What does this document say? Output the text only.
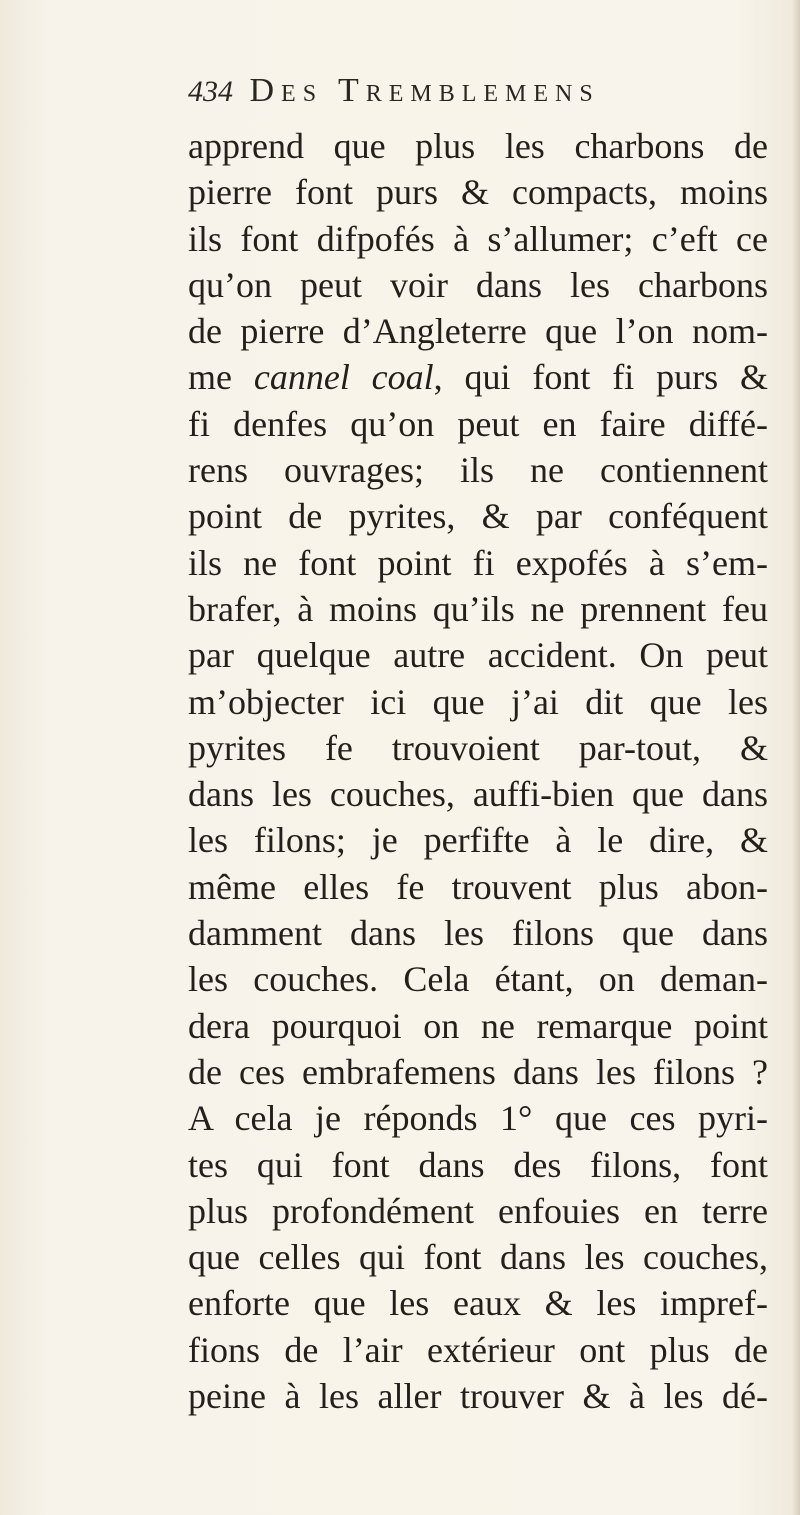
434 Des Tremblemens
apprend que plus les charbons de
pierre font purs & compacts, moins
ils font difpofés à s’allumer; c’eft ce
qu’on peut voir dans les charbons
de pierre d’Angleterre que l’on nom-
me cannel coal, qui font fi purs &
fi denfes qu’on peut en faire diffé-
rens ouvrages; ils ne contiennent
point de pyrites, & par conféquent
ils ne font point fi expofés à s’em-
brafer, à moins qu’ils ne prennent feu
par quelque autre accident. On peut
m’objecter ici que j’ai dit que les
pyrites fe trouvoient par-tout, &
dans les couches, auffi-bien que dans
les filons; je perfifte à le dire, &
même elles fe trouvent plus abon-
damment dans les filons que dans
les couches. Cela étant, on deman-
dera pourquoi on ne remarque point
de ces embrafemens dans les filons ?
A cela je réponds 1° que ces pyri-
tes qui font dans des filons, font
plus profondément enfouies en terre
que celles qui font dans les couches,
enforte que les eaux & les impref-
fions de l’air extérieur ont plus de
peine à les aller trouver & à les dé-
